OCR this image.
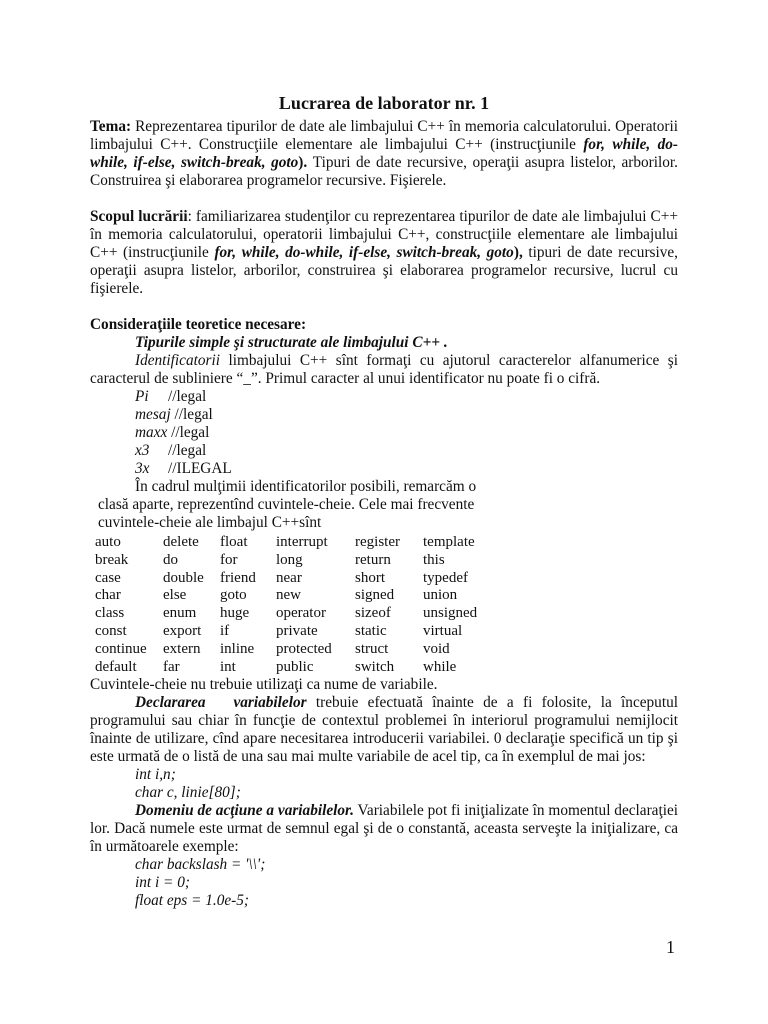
Lucrarea de laborator nr. 1

Tema: Reprezentarea tipurilor de date ale limbajului C++ în memoria calculatorului. Operatorii limbajului C++. Construcţiile elementare ale limbajului C++ (instrucţiunile for, while, do-while, if-else, switch-break, goto). Tipuri de date recursive, operaţii asupra listelor, arborilor. Construirea şi elaborarea programelor recursive. Fişierele.

Scopul lucrării: familiarizarea studenţilor cu reprezentarea tipurilor de date ale limbajului C++ în memoria calculatorului, operatorii limbajului C++, construcţiile elementare ale limbajului C++ (instrucţiunile for, while, do-while, if-else, switch-break, goto), tipuri de date recursive, operaţii asupra listelor, arborilor, construirea şi elaborarea programelor recursive, lucrul cu fişierele.

Consideraţiile teoretice necesare:

Tipurile simple şi structurate ale limbajului C++ .

Identificatorii limbajului C++ sînt formaţi cu ajutorul caracterelor alfanumerice şi caracterul de subliniere “_”. Primul caracter al unui identificator nu poate fi o cifră.

Pi //legal
mesaj //legal
maxx //legal
x3 //legal
3x //ILEGAL

În cadrul mulţimii identificatorilor posibili, remarcăm o

clasă aparte, reprezentînd cuvintele-cheie. Cele mai frecvente

cuvintele-cheie ale limbajul C++sînt

auto	delete	float	interrupt	register	template
break	do	for	long	return	this
case	double	friend	near	short	typedef
char	else	goto	new	signed	union
class	enum	huge	operator	sizeof	unsigned
const	export	if	private	static	virtual
continue	extern	inline	protected	struct	void
default	far	int	public	switch	while

Cuvintele-cheie nu trebuie utilizaţi ca nume de variabile.

Declararea   variabilelor trebuie efectuată înainte de a fi folosite, la începutul programului sau chiar în funcţie de contextul problemei în interiorul programului nemijlocit înainte de utilizare, cînd apare necesitarea introducerii variabilei. 0 declaraţie specifică un tip şi este urmată de o listă de una sau mai multe variabile de acel tip, ca în exemplul de mai jos:

int i,n;
char c, linie[80];

Domeniu de acţiune a variabilelor. Variabilele pot fi iniţializate în momentul declaraţiei lor. Dacă numele este urmat de semnul egal şi de o constantă, aceasta serveşte la iniţializare, ca în următoarele exemple:

char backslash = '\\';
int i = 0;
float eps = 1.0e-5;
1
